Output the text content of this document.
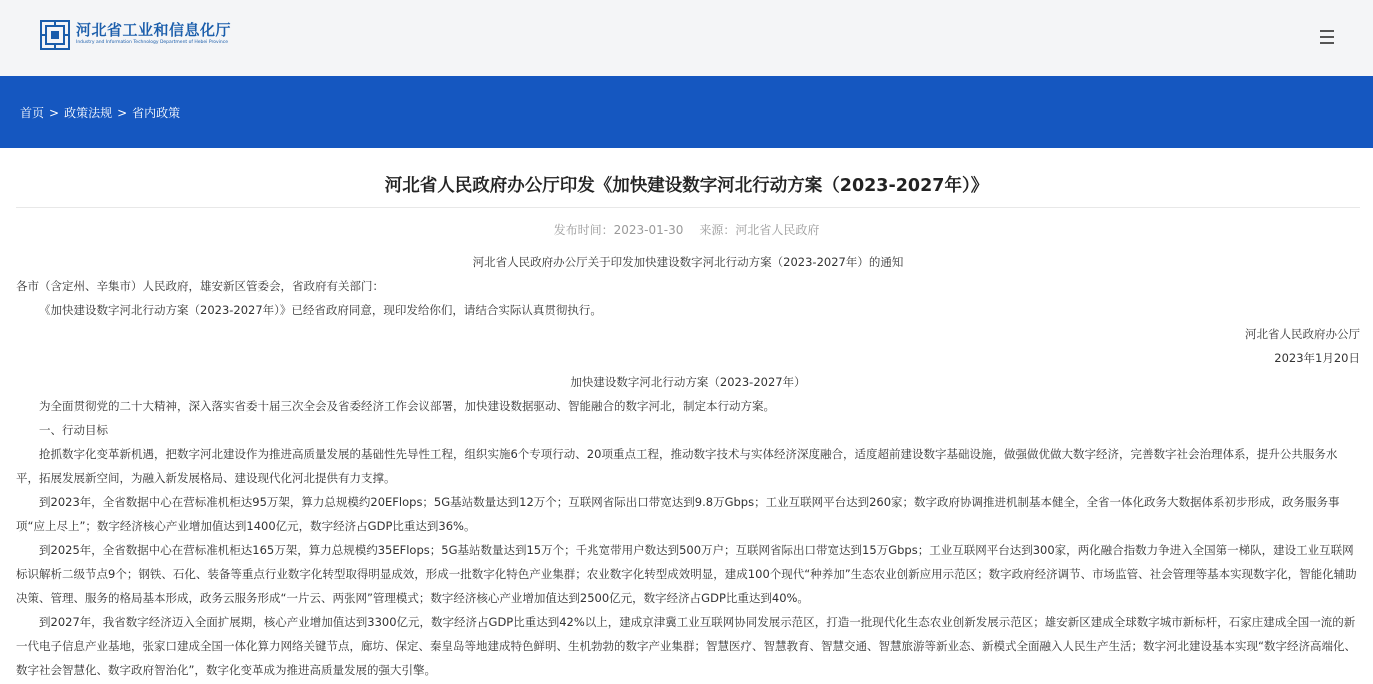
河北省工业和信息化厅
Industry and Information Technology Department of Hebei Province
首页 > 政策法规 > 省内政策
河北省人民政府办公厅印发《加快建设数字河北行动方案（2023-2027年）》
发布时间：2023-01-30 来源：河北省人民政府

河北省人民政府办公厅关于印发加快建设数字河北行动方案（2023-2027年）的通知

各市（含定州、辛集市）人民政府，雄安新区管委会，省政府有关部门：

《加快建设数字河北行动方案（2023-2027年）》已经省政府同意，现印发给你们，请结合实际认真贯彻执行。

河北省人民政府办公厅

2023年1月20日

加快建设数字河北行动方案（2023-2027年）

为全面贯彻党的二十大精神，深入落实省委十届三次全会及省委经济工作会议部署，加快建设数据驱动、智能融合的数字河北，制定本行动方案。

一、行动目标

抢抓数字化变革新机遇，把数字河北建设作为推进高质量发展的基础性先导性工程，组织实施6个专项行动、20项重点工程，推动数字技术与实体经济深度融合，适度超前建设数字基础设施，做强做优做大数字经济，完善数字社会治理体系，提升公共服务水平，拓展发展新空间，为融入新发展格局、建设现代化河北提供有力支撑。

到2023年，全省数据中心在营标准机柜达95万架，算力总规模约20EFlops；5G基站数量达到12万个；互联网省际出口带宽达到9.8万Gbps；工业互联网平台达到260家；数字政府协调推进机制基本健全，全省一体化政务大数据体系初步形成，政务服务事项“应上尽上”；数字经济核心产业增加值达到1400亿元，数字经济占GDP比重达到36%。

到2025年，全省数据中心在营标准机柜达165万架，算力总规模约35EFlops；5G基站数量达到15万个；千兆宽带用户数达到500万户；互联网省际出口带宽达到15万Gbps；工业互联网平台达到300家，两化融合指数力争进入全国第一梯队，建设工业互联网标识解析二级节点9个；钢铁、石化、装备等重点行业数字化转型取得明显成效，形成一批数字化特色产业集群；农业数字化转型成效明显，建成100个现代“种养加”生态农业创新应用示范区；数字政府经济调节、市场监管、社会管理等基本实现数字化，智能化辅助决策、管理、服务的格局基本形成，政务云服务形成“一片云、两张网”管理模式；数字经济核心产业增加值达到2500亿元，数字经济占GDP比重达到40%。

到2027年，我省数字经济迈入全面扩展期，核心产业增加值达到3300亿元，数字经济占GDP比重达到42%以上，建成京津冀工业互联网协同发展示范区，打造一批现代化生态农业创新发展示范区；雄安新区建成全球数字城市新标杆，石家庄建成全国一流的新一代电子信息产业基地，张家口建成全国一体化算力网络关键节点，廊坊、保定、秦皇岛等地建成特色鲜明、生机勃勃的数字产业集群；智慧医疗、智慧教育、智慧交通、智慧旅游等新业态、新模式全面融入人民生产生活；数字河北建设基本实现“数字经济高端化、数字社会智慧化、数字政府智治化”，数字化变革成为推进高质量发展的强大引擎。
